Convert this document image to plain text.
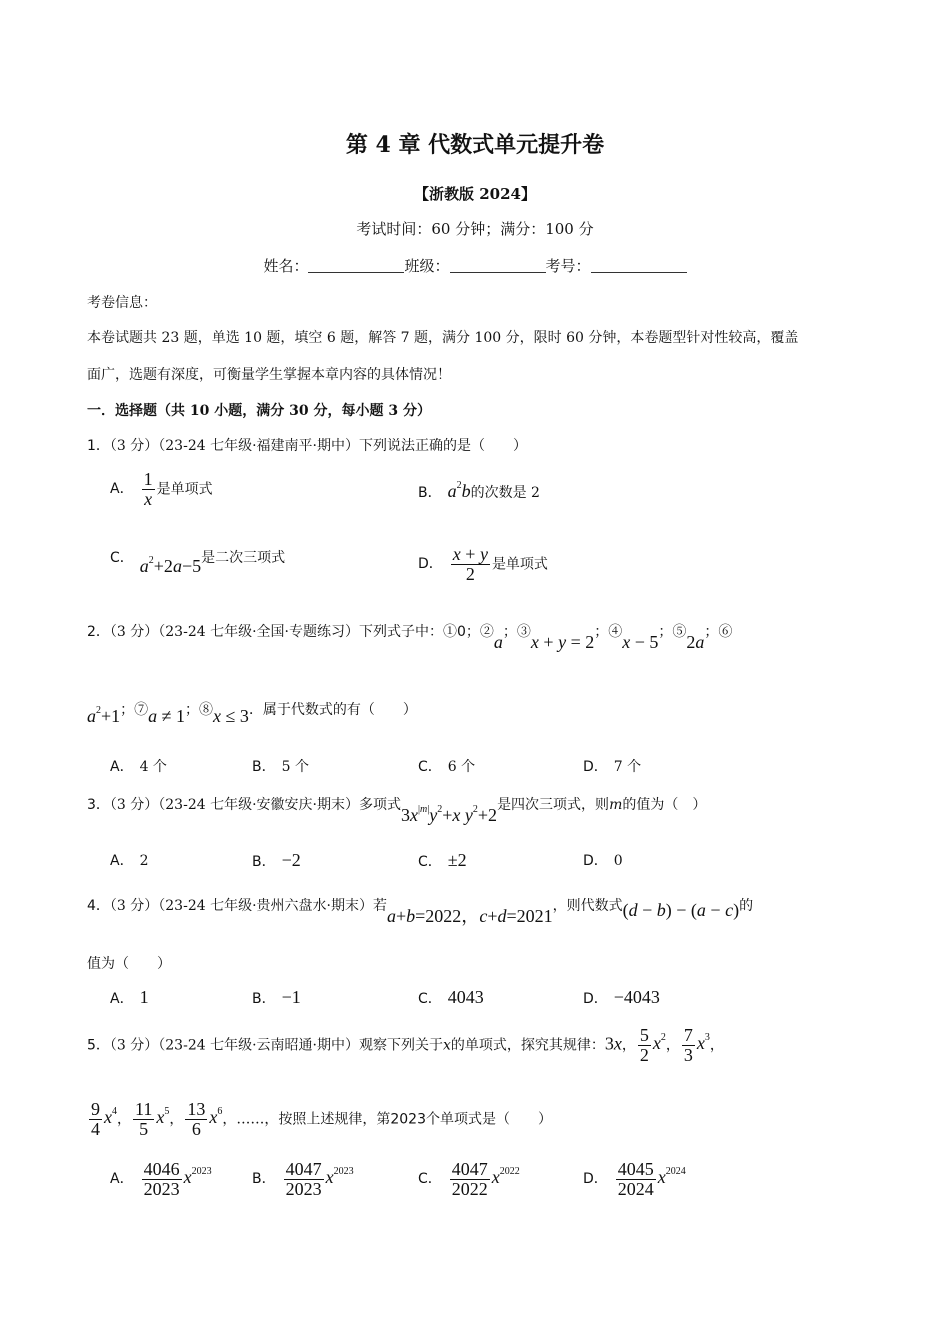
第 4 章 代数式单元提升卷
【浙教版 2024】
考试时间：60 分钟；满分：100 分
姓名：	班级：	考号：
考卷信息：
本卷试题共 23 题，单选 10 题，填空 6 题，解答 7 题，满分 100 分，限时 60 分钟，本卷题型针对性较高，覆盖
面广，选题有深度，可衡量学生掌握本章内容的具体情况！
一．选择题（共 10 小题，满分 30 分，每小题 3 分）
1．（3 分）（23-24 七年级·福建南平·期中）下列说法正确的是（　　）
A． $\frac{1}{x}$ 是单项式	B． $a^2b$的次数是 2
C． $a^2+2a-5$是二次三项式	D． $\frac{x + y}{2}$ 是单项式
2．（3 分）（23-24 七年级·全国·专题练习）下列式子中：①0；②a；③x + y = 2；④x − 5；⑤2a；⑥
$a^2+1$；⑦a ≠ 1；⑧x ≤ 3．属于代数式的有（　　）
A． 4 个	B． 5 个	C． 6 个	D． 7 个
3．（3 分）（23-24 七年级·安徽安庆·期末）多项式$3x^{|m|}y^2+x$ $y^2+2$是四次三项式，则m的值为（　）
A． 2	B． −2	C． ±2	D． 0
4．（3 分）（23-24 七年级·贵州六盘水·期末）若a+b=2022，c+d=2021，则代数式(d − b) − (a − c)的
值为（　　）
A． 1	B． −1	C． 4043	D． −4043
5．（3 分）（23-24 七年级·云南昭通·期中）观察下列关于x的单项式，探究其规律：3x， $\frac{5}{2} x^2$， $\frac{7}{3} x^3$，
$\frac{9}{4} x^4$， $\frac{11}{5} x^5$， $\frac{13}{6} x^6$，……，按照上述规律，第2023个单项式是（　　）
A． $\frac{4046}{2023} x^{2023}$	B． $\frac{4047}{2023} x^{2023}$	C． $\frac{4047}{2022} x^{2022}$	D． $\frac{4045}{2024} x^{2024}$
